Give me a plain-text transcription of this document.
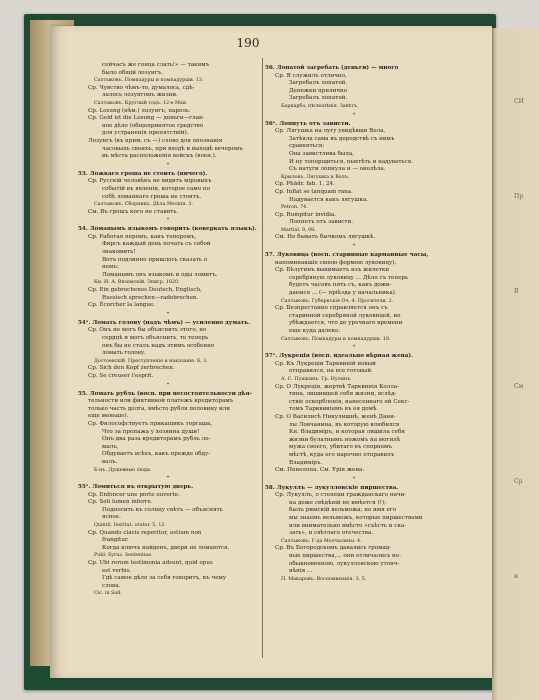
СИ
Пр
В
См
Ср
и
190
сейчасъ же гонца слать!» — такимъ
было общій лозунгъ.
Салтыковъ. Помпадуры и помпадурши. 13.
Ср. Чувство чѣмъ-то, думалось, сдѣ-
лалось лозунгомъ жизни.
Салтыковъ. Круглый годъ. 12-е Мая.
Ср. Losung (нѣм.) лозунгъ, пароль.
Ср. Geld ist die Losung — деньги—глав-
ное дѣло (общепринятое средство
для устраненія препятствій).
Лозунгъ (въ прим. съ —) слово для опознанія
часовыхъ своихъ, при входѣ и выходѣ вечеромъ
въ мѣста расположенія войскъ (воен.).
*
53. Ложкаго гроша не стоить (ничего).
Ср. Русскій человѣкъ не видитъ міровыхъ
событій въ явленіи, которое само по
себѣ ломаннаго гроша не стоитъ.
Салтыковъ. Сборникъ. Дѣла Мелкія. 3.
См. Въ грошъ кого не ставить.
*
54. Ломанымъ языкомъ говорить (коверкать языкъ).
Ср. Работая перомъ, какъ топоромъ,
Фирсъ каждый день почать съ собой
знакомить!
Вотъ подлинно пришлось сказать о
немъ:
Ломанымъ онъ языкомъ и оды ломитъ.
Кн. И. А. Вяземскій. Эпигр. 1820.
Ср. Ein gebrochenes Deutsch, Englisch,
Russisch sprechen—radebrechen.
Ср. Écorcher la langue.
*
54ᵃ. Ломать голову (надъ чѣмъ) — усиленно думать.
Ср. Онъ не могъ бы объяснить этого, но
сердцѣ и могъ объяснить, то теперь
онъ бы не сталъ надъ этимъ особенно
ломать голову.
Достоевскій. Преступленіе и наказаніе. 6, 3.
Ср. Sich den Kopf zerbrechen.
Ср. Se creuser l'esprit.
*
55. Ломать рубль (восп. при несостоятельности дѣя-
тельности или фиктивной платежъ кредиторамъ
только часть долга, вмѣсто рубля половину или
еще меньше).
Ср. Философствуетъ прикащикъ торгаша,
Что за пропажа у хозяина души!
Онъ два раза кредиторамъ рубль ло-
малъ,
Обдуваетъ всѣхъ, какъ прежде обду-
валъ.
Б-нъ. Душевные люди.
*
55ᵃ. Ломиться въ открытую дверь.
Ср. Enfoncer une porte ouverte.
Ср. Soli lumen inferre.
Подносить къ солнцу свѣтъ — объяснять
ясное.
Quintil. Institut. orator. 5, 12.
Ср. Quando clavis reperitur, ostium non
frangitur.
Когда ключъ найденъ, двери не ломаются.
Publ. Syrus. Sententiae.
Ср. Ubi rerum testimonia adsunt, quid opus
est verbis.
Гдѣ самое дѣло за себя говоритъ, къ чему
слова.
Cic. in Sall.
56. Лопатой загребать (деньги) — много
Ср. Я служилъ отлично,
Загребалъ лопатой.
Денежки прилично
Загребалъ лопатой.
Баркарбэ, пѣснопѣнія. Завѣтъ.
*
56ᵃ. Лопнуть отъ зависти.
Ср. Лягушка на лугу увидѣвши Вола,
Затѣяла сама въ дородствѣ съ нимъ
сравняться;
Она завистлива была,
И ну топорщиться, пыхтѣть и надуваться.
Съ натуги лопнула и — околѣла.
Крыловъ. Лягушка и Волъ.
Ср. Phädr. fab. 1, 24.
Ср. Inflat se tanquam rana.
Надувается какъ лягушка.
Petron. 74.
Ср. Rumpitur invidia.
Лопнетъ отъ зависти.
Martial. 9, 98.
См. Не быватъ бычкомъ лягушкѣ.
*
57. Луковица (восп. старинные карманные часы,
напоминавшіе своею формою луковицу).
Ср. Бѣлугинъ вынимаетъ изъ жилетки
серебряную луковицу ... Дѣло съ теперь
будетъ часовъ пять съ, какъ дожи-
даемся ... (— пріѣзда у начальника).
Салтыковъ. Губернскія Оч. 4. Просители. 2.
Ср. Безпрестанно справляется онъ съ
старинной серебряной луковицей, но
убѣждается, что до урочнаго времени
еще куда далеко.
Салтыковъ. Помпадуры и помпадурши. 18.
*
57ᵃ. Лукреція (восп. идеально вѣрная жена).
Ср. Къ Лукреціи Тарквиній новый
отправился, на все готовый.
А. С. Пушкинъ. Гр. Нулинъ.
Ср. О Лукреціи, жертвѣ Тарквинія Колла-
тина, лишившей себя жизни, вслѣд-
ствіе оскорбленія, нанесеннаго ей Секс-
томъ Тарквиніемъ въ ея домѣ.
Ср. О Василисѣ Никулишнѣ, женѣ Дани-
лы Ловчанина, въ которую влюбился
Кн. Владиміръ, и которая лишила себя
жизни булатнымъ ножомъ на могилѣ
мужа своего, убитаго въ спорномъ
мѣстѣ, куда его нарочно отправилъ
Владиміръ.
См. Пенелопа. См. Урія жена.
*
58. Лукуллъ — лукулловскіе пиршества.
Ср. Лукуллъ, о степени гражданскаго начи-
на доже свѣдѣній не имѣется (!);
былъ римскій вельможа; но имя его
мы знаемъ вельможъ, которые пиршествами
или внимательно вмѣсто «съѣсть и ска-
зать», и свѣтлаго отечества.
Салтыковъ. Г-да Молчалины. 4.
Ср. Въ Богородскомъ давались громад-
ные пиршества,... они отличались не-
обыкновенною, лукулловскою утонч-
нѣнія ...
П. Макаровъ. Воспоминанія. 3, 5.
